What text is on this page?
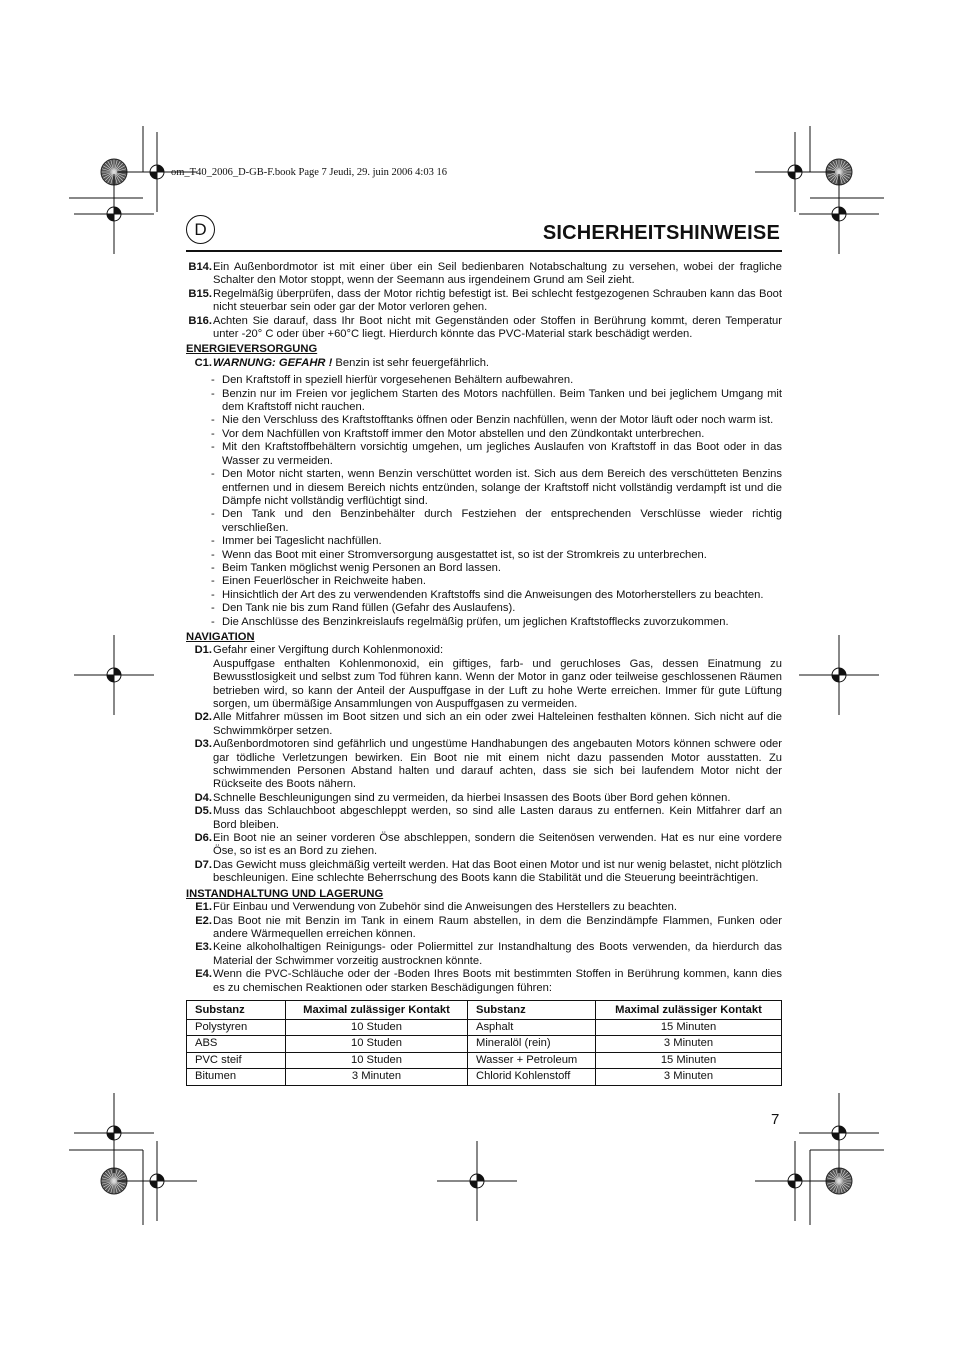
om_T40_2006_D-GB-F.book Page 7 Jeudi, 29. juin 2006 4:03 16
D	SICHERHEITSHINWEISE
B14. Ein Außenbordmotor ist mit einer über ein Seil bedienbaren Notabschaltung zu versehen, wobei der fragliche Schalter den Motor stoppt, wenn der Seemann aus irgendeinem Grund am Seil zieht.
B15. Regelmäßig überprüfen, dass der Motor richtig befestigt ist. Bei schlecht festgezogenen Schrauben kann das Boot nicht steuerbar sein oder gar der Motor verloren gehen.
B16. Achten Sie darauf, dass Ihr Boot nicht mit Gegenständen oder Stoffen in Berührung kommt, deren Temperatur unter -20° C oder über +60°C liegt. Hierdurch könnte das PVC-Material stark beschädigt werden.
ENERGIEVERSORGUNG
C1. WARNUNG: GEFAHR ! Benzin ist sehr feuergefährlich.
- Den Kraftstoff in speziell hierfür vorgesehenen Behältern aufbewahren.
- Benzin nur im Freien vor jeglichem Starten des Motors nachfüllen. Beim Tanken und bei jeglichem Umgang mit dem Kraftstoff nicht rauchen.
- Nie den Verschluss des Kraftstofftanks öffnen oder Benzin nachfüllen, wenn der Motor läuft oder noch warm ist.
- Vor dem Nachfüllen von Kraftstoff immer den Motor abstellen und den Zündkontakt unterbrechen.
- Mit den Kraftstoffbehältern vorsichtig umgehen, um jegliches Auslaufen von Kraftstoff in das Boot oder in das Wasser zu vermeiden.
- Den Motor nicht starten, wenn Benzin verschüttet worden ist. Sich aus dem Bereich des verschütteten Benzins entfernen und in diesem Bereich nichts entzünden, solange der Kraftstoff nicht vollständig verdampft ist und die Dämpfe nicht vollständig verflüchtigt sind.
- Den Tank und den Benzinbehälter durch Festziehen der entsprechenden Verschlüsse wieder richtig verschließen.
- Immer bei Tageslicht nachfüllen.
- Wenn das Boot mit einer Stromversorgung ausgestattet ist, so ist der Stromkreis zu unterbrechen.
- Beim Tanken möglichst wenig Personen an Bord lassen.
- Einen Feuerlöscher in Reichweite haben.
- Hinsichtlich der Art des zu verwendenden Kraftstoffs sind die Anweisungen des Motorherstellers zu beachten.
- Den Tank nie bis zum Rand füllen (Gefahr des Auslaufens).
- Die Anschlüsse des Benzinkreislaufs regelmäßig prüfen, um jeglichen Kraftstofflecks zuvorzukommen.
NAVIGATION
D1. Gefahr einer Vergiftung durch Kohlenmonoxid:
Auspuffgase enthalten Kohlenmonoxid, ein giftiges, farb- und geruchloses Gas, dessen Einatmung zu Bewusstlosigkeit und selbst zum Tod führen kann. Wenn der Motor in ganz oder teilweise geschlossenen Räumen betrieben wird, so kann der Anteil der Auspuffgase in der Luft zu hohe Werte erreichen. Immer für gute Lüftung sorgen, um übermäßige Ansammlungen von Auspuffgasen zu vermeiden.
D2. Alle Mitfahrer müssen im Boot sitzen und sich an ein oder zwei Halteleinen festhalten können. Sich nicht auf die Schwimmkörper setzen.
D3. Außenbordmotoren sind gefährlich und ungestüme Handhabungen des angebauten Motors können schwere oder gar tödliche Verletzungen bewirken. Ein Boot nie mit einem nicht dazu passenden Motor ausstatten. Zu schwimmenden Personen Abstand halten und darauf achten, dass sie sich bei laufendem Motor nicht der Rückseite des Boots nähern.
D4. Schnelle Beschleunigungen sind zu vermeiden, da hierbei Insassen des Boots über Bord gehen können.
D5. Muss das Schlauchboot abgeschleppt werden, so sind alle Lasten daraus zu entfernen. Kein Mitfahrer darf an Bord bleiben.
D6. Ein Boot nie an seiner vorderen Öse abschleppen, sondern die Seitenösen verwenden. Hat es nur eine vordere Öse, so ist es an Bord zu ziehen.
D7. Das Gewicht muss gleichmäßig verteilt werden. Hat das Boot einen Motor und ist nur wenig belastet, nicht plötzlich beschleunigen. Eine schlechte Beherrschung des Boots kann die Stabilität und die Steuerung beeinträchtigen.
INSTANDHALTUNG UND LAGERUNG
E1. Für Einbau und Verwendung von Zubehör sind die Anweisungen des Herstellers zu beachten.
E2. Das Boot nie mit Benzin im Tank in einem Raum abstellen, in dem die Benzindämpfe Flammen, Funken oder andere Wärmequellen erreichen können.
E3. Keine alkoholhaltigen Reinigungs- oder Poliermittel zur Instandhaltung des Boots verwenden, da hierdurch das Material der Schwimmer vorzeitig austrocknen könnte.
E4. Wenn die PVC-Schläuche oder der -Boden Ihres Boots mit bestimmten Stoffen in Berührung kommen, kann dies es zu chemischen Reaktionen oder starken Beschädigungen führen:
Substanz	Maximal zulässiger Kontakt	Substanz	Maximal zulässiger Kontakt
Polystyren	10 Studen	Asphalt	15 Minuten
ABS	10 Studen	Mineralöl (rein)	3 Minuten
PVC steif	10 Studen	Wasser + Petroleum	15 Minuten
Bitumen	3 Minuten	Chlorid Kohlenstoff	3 Minuten
7
